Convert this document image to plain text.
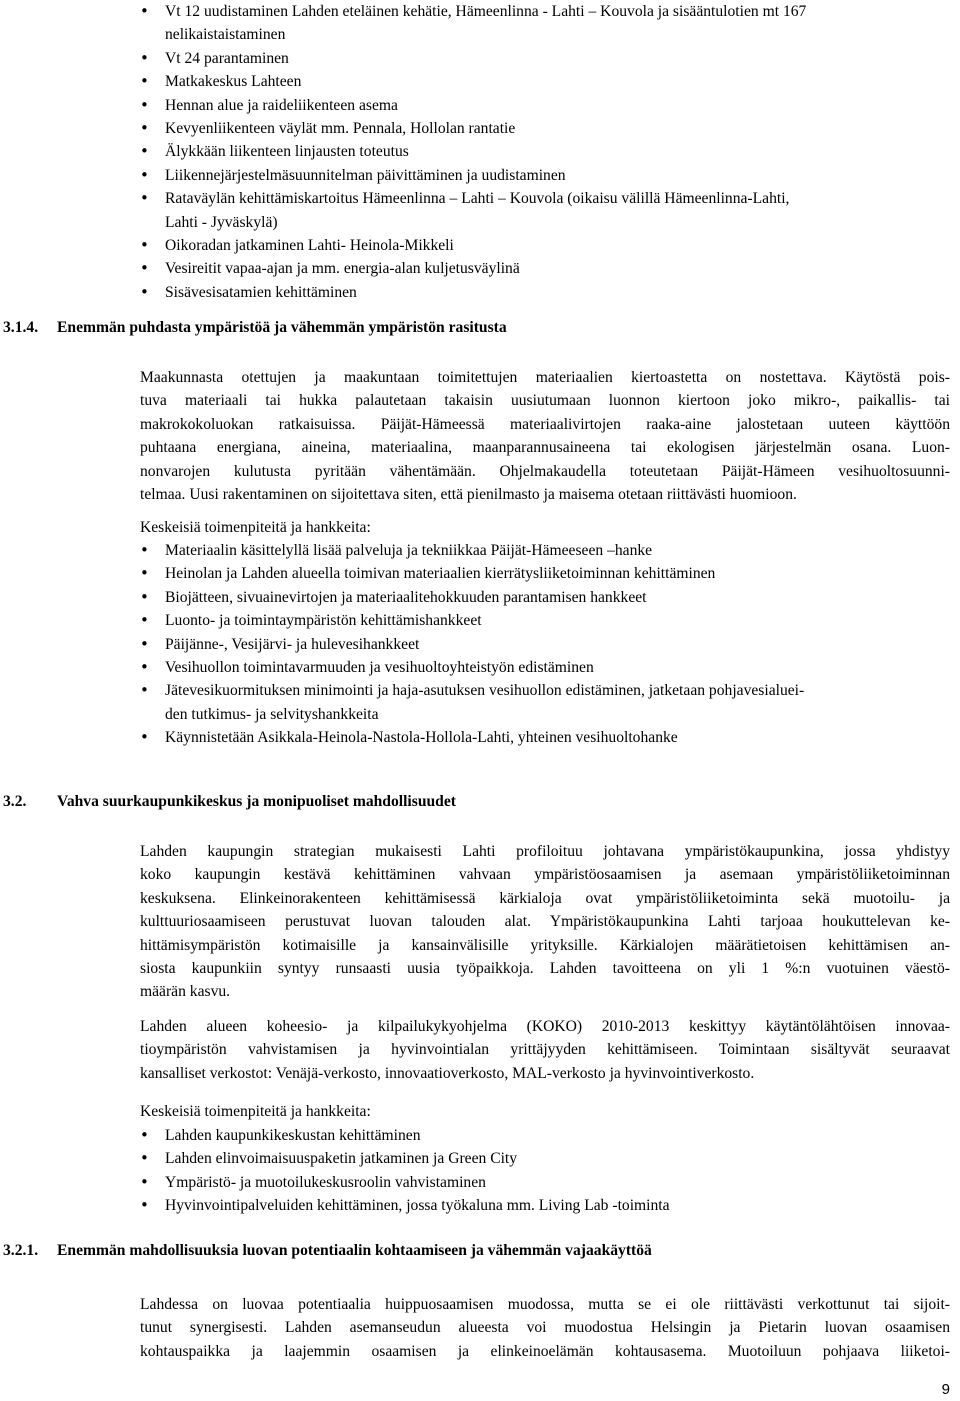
• Vt 12 uudistaminen Lahden eteläinen kehätie, Hämeenlinna - Lahti – Kouvola ja sisääntulotien mt 167
nelikaistaistaminen
• Vt 24 parantaminen
• Matkakeskus Lahteen
• Hennan alue ja raideliikenteen asema
• Kevyenliikenteen väylät mm. Pennala, Hollolan rantatie
• Älykkään liikenteen linjausten toteutus
• Liikennejärjestelmäsuunnitelman päivittäminen ja uudistaminen
• Rataväylän kehittämiskartoitus Hämeenlinna – Lahti – Kouvola (oikaisu välillä Hämeenlinna-Lahti,
Lahti - Jyväskylä)
• Oikoradan jatkaminen Lahti- Heinola-Mikkeli
• Vesireitit vapaa-ajan ja mm. energia-alan kuljetusväylinä
• Sisävesisatamien kehittäminen
3.1.4. Enemmän puhdasta ympäristöä ja vähemmän ympäristön rasitusta
Maakunnasta otettujen ja maakuntaan toimitettujen materiaalien kiertoastetta on nostettava. Käytöstä pois-
tuva materiaali tai hukka palautetaan takaisin uusiutumaan luonnon kiertoon joko mikro-, paikallis- tai
makrokokoluokan ratkaisuissa. Päijät-Hämeessä materiaalivirtojen raaka-aine jalostetaan uuteen käyttöön
puhtaana energiana, aineina, materiaalina, maanparannusaineena tai ekologisen järjestelmän osana. Luon-
nonvarojen kulutusta pyritään vähentämään. Ohjelmakaudella toteutetaan Päijät-Hämeen vesihuoltosuunni-
telmaa. Uusi rakentaminen on sijoitettava siten, että pienilmasto ja maisema otetaan riittävästi huomioon.
Keskeisiä toimenpiteitä ja hankkeita:
• Materiaalin käsittelyllä lisää palveluja ja tekniikkaa Päijät-Hämeeseen –hanke
• Heinolan ja Lahden alueella toimivan materiaalien kierrätysliiketoiminnan kehittäminen
• Biojätteen, sivuainevirtojen ja materiaalitehokkuuden parantamisen hankkeet
• Luonto- ja toimintaympäristön kehittämishankkeet
• Päijänne-, Vesijärvi- ja hulevesihankkeet
• Vesihuollon toimintavarmuuden ja vesihuoltoyhteistyön edistäminen
• Jätevesikuormituksen minimointi ja haja-asutuksen vesihuollon edistäminen, jatketaan pohjavesialuei-
den tutkimus- ja selvityshankkeita
• Käynnistetään Asikkala-Heinola-Nastola-Hollola-Lahti, yhteinen vesihuoltohanke
3.2. Vahva suurkaupunkikeskus ja monipuoliset mahdollisuudet
Lahden kaupungin strategian mukaisesti Lahti profiloituu johtavana ympäristökaupunkina, jossa yhdistyy
koko kaupungin kestävä kehittäminen vahvaan ympäristöosaamisen ja asemaan ympäristöliiketoiminnan
keskuksena. Elinkeinorakenteen kehittämisessä kärkialoja ovat ympäristöliiketoiminta sekä muotoilu- ja
kulttuuriosaamiseen perustuvat luovan talouden alat. Ympäristökaupunkina Lahti tarjoaa houkuttelevan ke-
hittämisympäristön kotimaisille ja kansainvälisille yrityksille. Kärkialojen määrätietoisen kehittämisen an-
siosta kaupunkiin syntyy runsaasti uusia työpaikkoja. Lahden tavoitteena on yli 1 %:n vuotuinen väestö-
määrän kasvu.
Lahden alueen koheesio- ja kilpailukykyohjelma (KOKO) 2010-2013 keskittyy käytäntölähtöisen innovaa-
tioympäristön vahvistamisen ja hyvinvointialan yrittäjyyden kehittämiseen. Toimintaan sisältyvät seuraavat
kansalliset verkostot: Venäjä-verkosto, innovaatioverkosto, MAL-verkosto ja hyvinvointiverkosto.
Keskeisiä toimenpiteitä ja hankkeita:
• Lahden kaupunkikeskustan kehittäminen
• Lahden elinvoimaisuuspaketin jatkaminen ja Green City
• Ympäristö- ja muotoilukeskusroolin vahvistaminen
• Hyvinvointipalveluiden kehittäminen, jossa työkaluna mm. Living Lab -toiminta
3.2.1. Enemmän mahdollisuuksia luovan potentiaalin kohtaamiseen ja vähemmän vajaakäyttöä
Lahdessa on luovaa potentiaalia huippuosaamisen muodossa, mutta se ei ole riittävästi verkottunut tai sijoit-
tunut synergisesti. Lahden asemanseudun alueesta voi muodostua Helsingin ja Pietarin luovan osaamisen
kohtauspaikka ja laajemmin osaamisen ja elinkeinoelämän kohtausasema. Muotoiluun pohjaava liiketoi-
9
